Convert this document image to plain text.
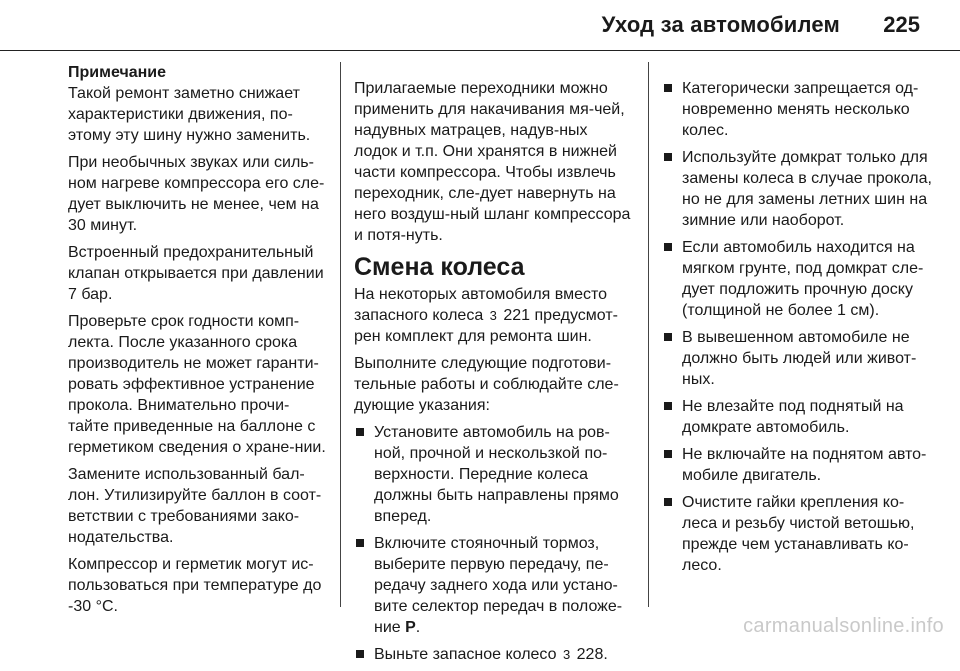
Уход за автомобилем 225
Примечание

Такой ремонт заметно снижает характеристики движения, по-этому эту шину нужно заменить.

При необычных звуках или силь-ном нагреве компрессора его сле-дует выключить не менее, чем на 30 минут.

Встроенный предохранительный клапан открывается при давлении 7 бар.

Проверьте срок годности комп-лекта. После указанного срока производитель не может гаранти-ровать эффективное устранение прокола. Внимательно прочи-тайте приведенные на баллоне с герметиком сведения о хране-нии.

Замените использованный бал-лон. Утилизируйте баллон в соот-ветствии с требованиями зако-нодательства.

Компрессор и герметик могут ис-пользоваться при температуре до -30 °C.

Прилагаемые переходники можно применить для накачивания мя-чей, надувных матрацев, надув-ных лодок и т.п. Они хранятся в нижней части компрессора. Чтобы извлечь переходник, сле-дует навернуть на него воздуш-ный шланг компрессора и потя-нуть.

Смена колеса

На некоторых автомобиля вместо запасного колеса 3 221 предусмот-рен комплект для ремонта шин.

Выполните следующие подготови-тельные работы и соблюдайте сле-дующие указания:

Установите автомобиль на ров-ной, прочной и нескользкой по-верхности. Передние колеса должны быть направлены прямо вперед.
Включите стояночный тормоз, выберите первую передачу, пе-редачу заднего хода или устано-вите селектор передач в положе-ние P.
Выньте запасное колесо 3 228.
Категорически запрещается од-новременно менять несколько колес.
Используйте домкрат только для замены колеса в случае прокола, но не для замены летних шин на зимние или наоборот.
Если автомобиль находится на мягком грунте, под домкрат сле-дует подложить прочную доску (толщиной не более 1 см).
В вывешенном автомобиле не должно быть людей или живот-ных.
Не влезайте под поднятый на домкрате автомобиль.
Не включайте на поднятом авто-мобиле двигатель.
Очистите гайки крепления ко-леса и резьбу чистой ветошью, прежде чем устанавливать ко-лесо.
carmanualsonline.info
